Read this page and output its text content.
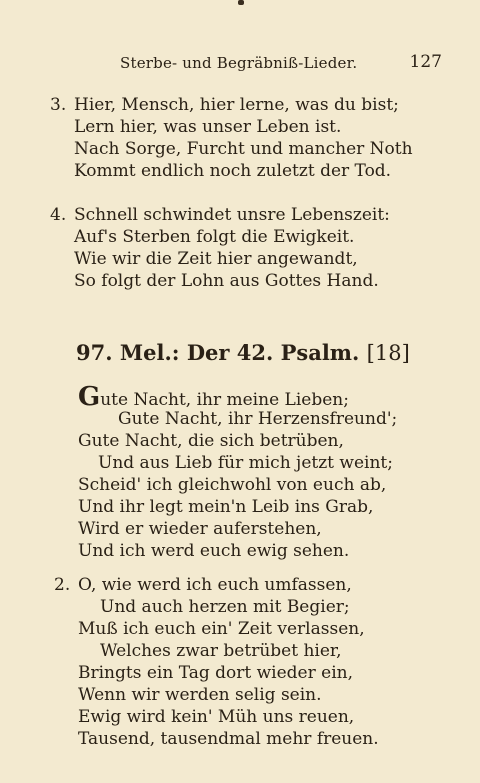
Sterbe- und Begräbniß-Lieder.	127
3. Hier, Mensch, hier lerne, was du bist;
Lern hier, was unser Leben ist.
Nach Sorge, Furcht und mancher Noth
Kommt endlich noch zuletzt der Tod.
4. Schnell schwindet unsre Lebenszeit:
Auf's Sterben folgt die Ewigkeit.
Wie wir die Zeit hier angewandt,
So folgt der Lohn aus Gottes Hand.
97. Mel.: Der 42. Psalm. [18]
Gute Nacht, ihr meine Lieben;
Gute Nacht, ihr Herzensfreund';
Gute Nacht, die sich betrüben,
Und aus Lieb für mich jetzt weint;
Scheid' ich gleichwohl von euch ab,
Und ihr legt mein'n Leib ins Grab,
Wird er wieder auferstehen,
Und ich werd euch ewig sehen.
2. O, wie werd ich euch umfassen,
Und auch herzen mit Begier;
Muß ich euch ein' Zeit verlassen,
Welches zwar betrübet hier,
Bringts ein Tag dort wieder ein,
Wenn wir werden selig sein.
Ewig wird kein' Müh uns reuen,
Tausend, tausendmal mehr freuen.
